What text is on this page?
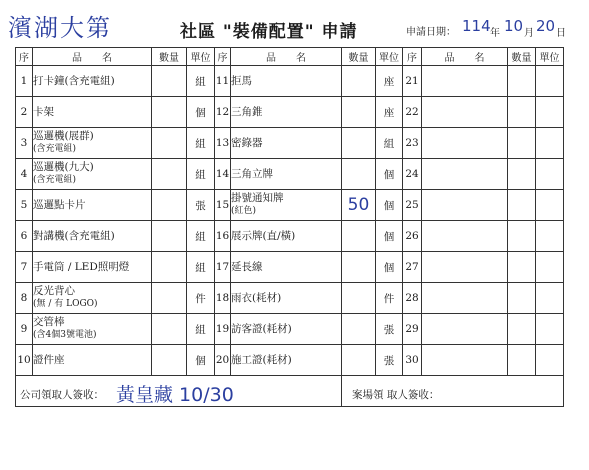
濱湖大第	社區 "裝備配置" 申請	申請日期： 114 年 10 月 20 日
序	品　　名	數量	單位	序	品　　名	數量	單位	序	品　　名	數量	單位
1	打卡鐘(含充電組)		組	11	拒馬		座	21			
2	卡架		個	12	三角錐		座	22			
3	巡邏機(展群)
(含充電組)		組	13	密錄器		組	23			
4	巡邏機(九大)
(含充電組)		組	14	三角立牌		個	24			
5	巡邏點卡片		張	15	掛號通知牌
(紅色)	50	個	25			
6	對講機(含充電組)		組	16	展示牌(直/橫)		個	26			
7	手電筒 / LED照明燈		組	17	延長線		個	27			
8	反光背心
(無 / 有 LOGO)		件	18	雨衣(耗材)		件	28			
9	交管棒
(含4個3號電池)		組	19	訪客證(耗材)		張	29			
10	證件座		個	20	施工證(耗材)		張	30			

公司領取人簽收： 黃皇藏 10/30						案場領 取人簽收：					
